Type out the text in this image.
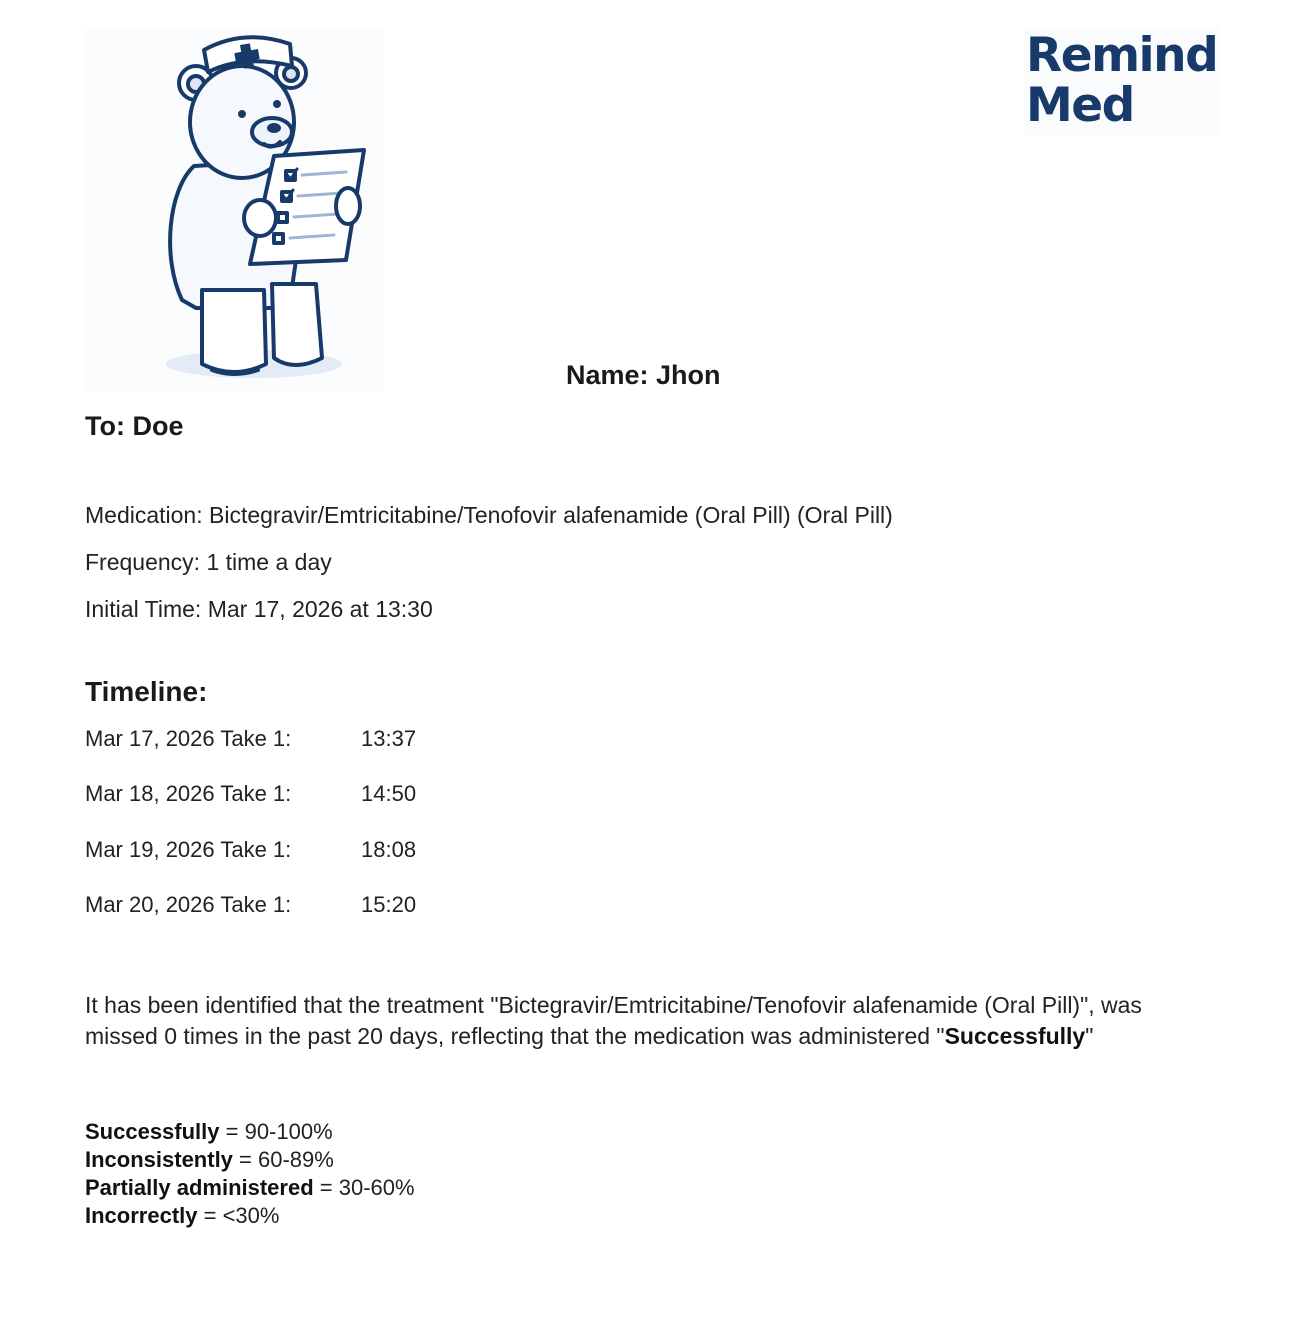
Remind
Med
Name: Jhon
To: Doe
Medication: Bictegravir/Emtricitabine/Tenofovir alafenamide (Oral Pill) (Oral Pill)
Frequency: 1 time a day
Initial Time: Mar 17, 2026 at 13:30
Timeline:
Mar 17, 2026 Take 1:	13:37
Mar 18, 2026 Take 1:	14:50
Mar 19, 2026 Take 1:	18:08
Mar 20, 2026 Take 1:	15:20
It has been identified that the treatment "Bictegravir/Emtricitabine/Tenofovir alafenamide (Oral Pill)", was missed 0 times in the past 20 days, reflecting that the medication was administered "Successfully"
Successfully = 90-100%
Inconsistently = 60-89%
Partially administered = 30-60%
Incorrectly = <30%
